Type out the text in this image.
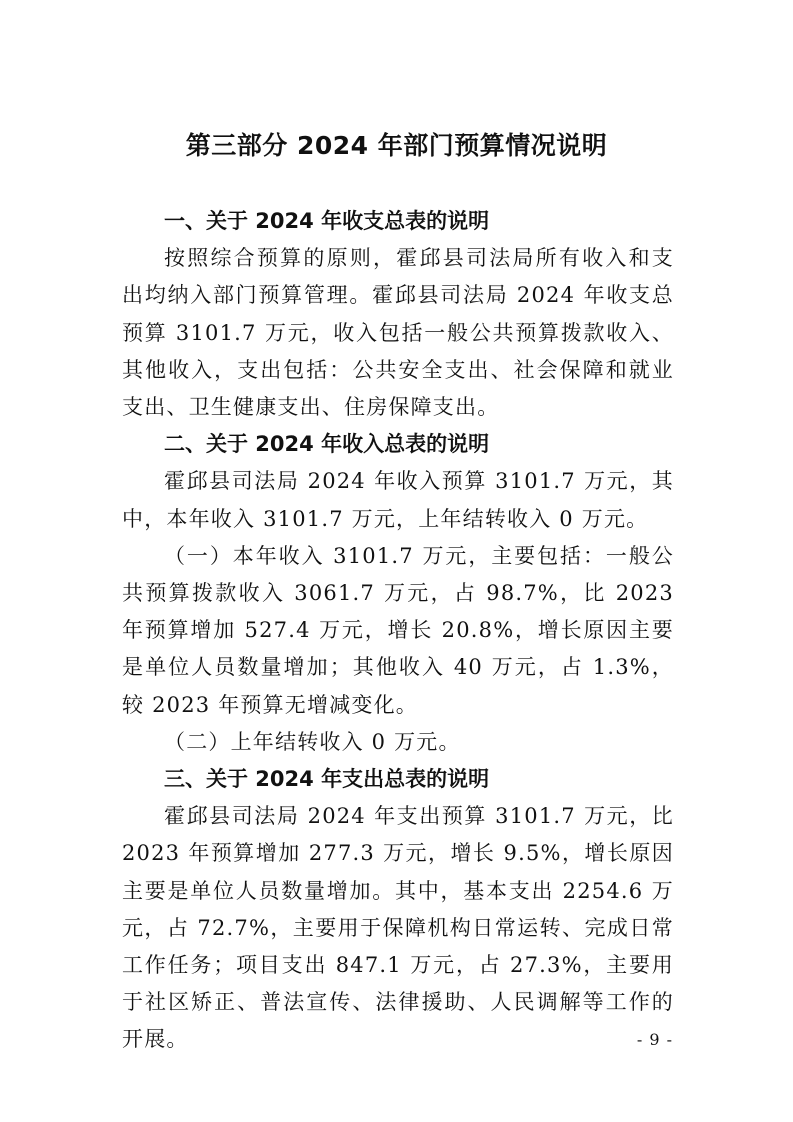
第三部分 2024 年部门预算情况说明

一、关于 2024 年收支总表的说明

按照综合预算的原则，霍邱县司法局所有收入和支出均纳入部门预算管理。霍邱县司法局 2024 年收支总预算 3101.7 万元，收入包括一般公共预算拨款收入、其他收入，支出包括：公共安全支出、社会保障和就业支出、卫生健康支出、住房保障支出。

二、关于 2024 年收入总表的说明

霍邱县司法局 2024 年收入预算 3101.7 万元，其中，本年收入 3101.7 万元，上年结转收入 0 万元。

（一）本年收入 3101.7 万元，主要包括：一般公共预算拨款收入 3061.7 万元，占 98.7%，比 2023 年预算增加 527.4 万元，增长 20.8%，增长原因主要是单位人员数量增加；其他收入 40 万元，占 1.3%，较 2023 年预算无增减变化。

（二）上年结转收入 0 万元。

三、关于 2024 年支出总表的说明

霍邱县司法局 2024 年支出预算 3101.7 万元，比 2023 年预算增加 277.3 万元，增长 9.5%，增长原因主要是单位人员数量增加。其中，基本支出 2254.6 万元，占 72.7%，主要用于保障机构日常运转、完成日常工作任务；项目支出 847.1 万元，占 27.3%，主要用于社区矫正、普法宣传、法律援助、人民调解等工作的开展。	- 9 -
